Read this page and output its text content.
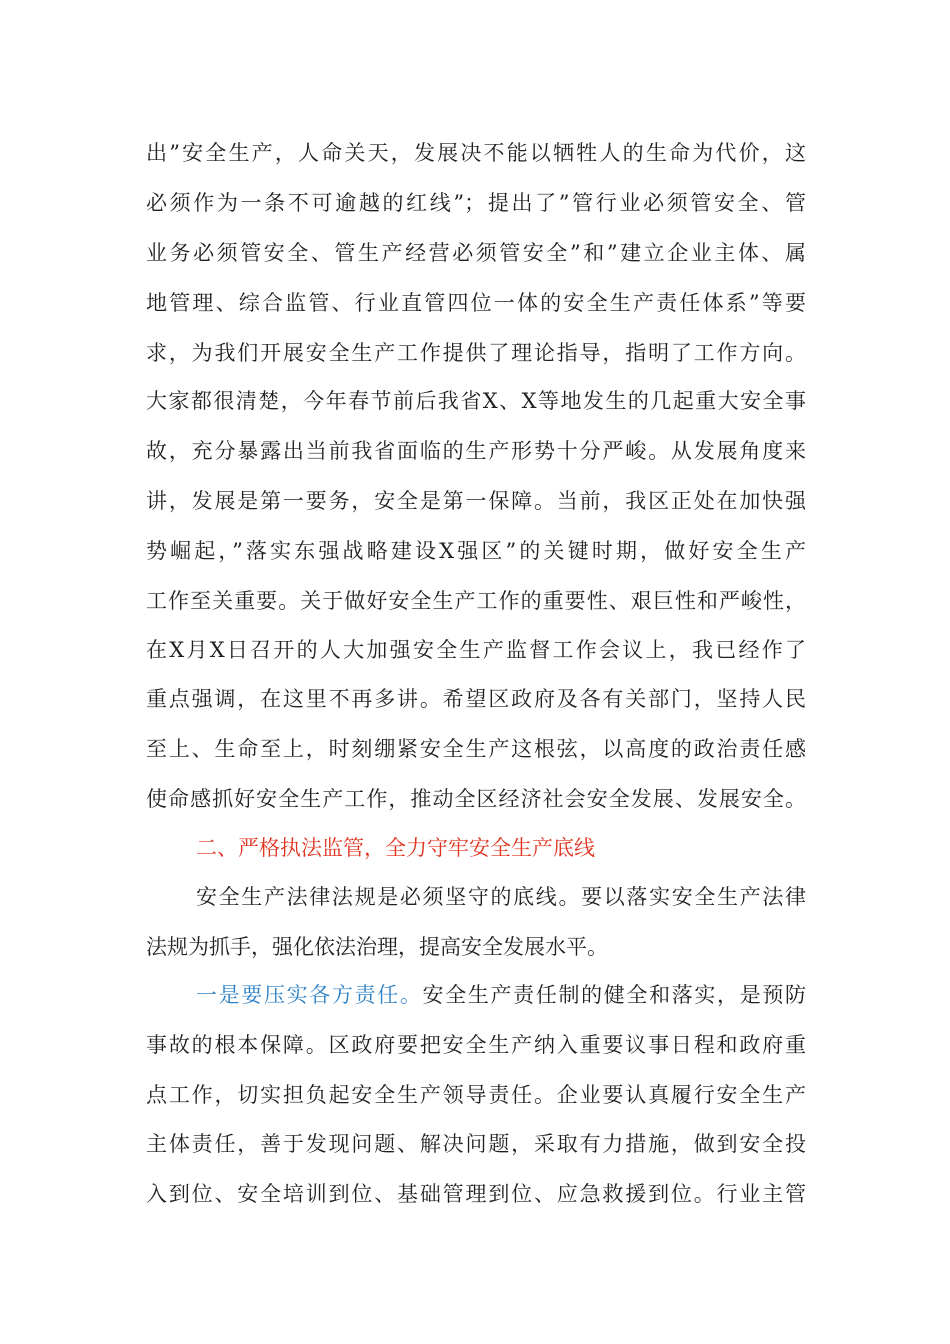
出”安全生产，人命关天，发展决不能以牺牲人的生命为代价，这
必须作为一条不可逾越的红线”；提出了”管行业必须管安全、管
业务必须管安全、管生产经营必须管安全”和”建立企业主体、属
地管理、综合监管、行业直管四位一体的安全生产责任体系”等要
求，为我们开展安全生产工作提供了理论指导，指明了工作方向。
大家都很清楚，今年春节前后我省X、X等地发生的几起重大安全事
故，充分暴露出当前我省面临的生产形势十分严峻。从发展角度来
讲，发展是第一要务，安全是第一保障。当前，我区正处在加快强
势崛起，”落实东强战略建设X强区”的关键时期，做好安全生产
工作至关重要。关于做好安全生产工作的重要性、艰巨性和严峻性，
在X月X日召开的人大加强安全生产监督工作会议上，我已经作了
重点强调，在这里不再多讲。希望区政府及各有关部门，坚持人民
至上、生命至上，时刻绷紧安全生产这根弦，以高度的政治责任感
使命感抓好安全生产工作，推动全区经济社会安全发展、发展安全。
二、严格执法监管，全力守牢安全生产底线
安全生产法律法规是必须坚守的底线。要以落实安全生产法律
法规为抓手，强化依法治理，提高安全发展水平。
一是要压实各方责任。安全生产责任制的健全和落实，是预防
事故的根本保障。区政府要把安全生产纳入重要议事日程和政府重
点工作，切实担负起安全生产领导责任。企业要认真履行安全生产
主体责任，善于发现问题、解决问题，采取有力措施，做到安全投
入到位、安全培训到位、基础管理到位、应急救援到位。行业主管
